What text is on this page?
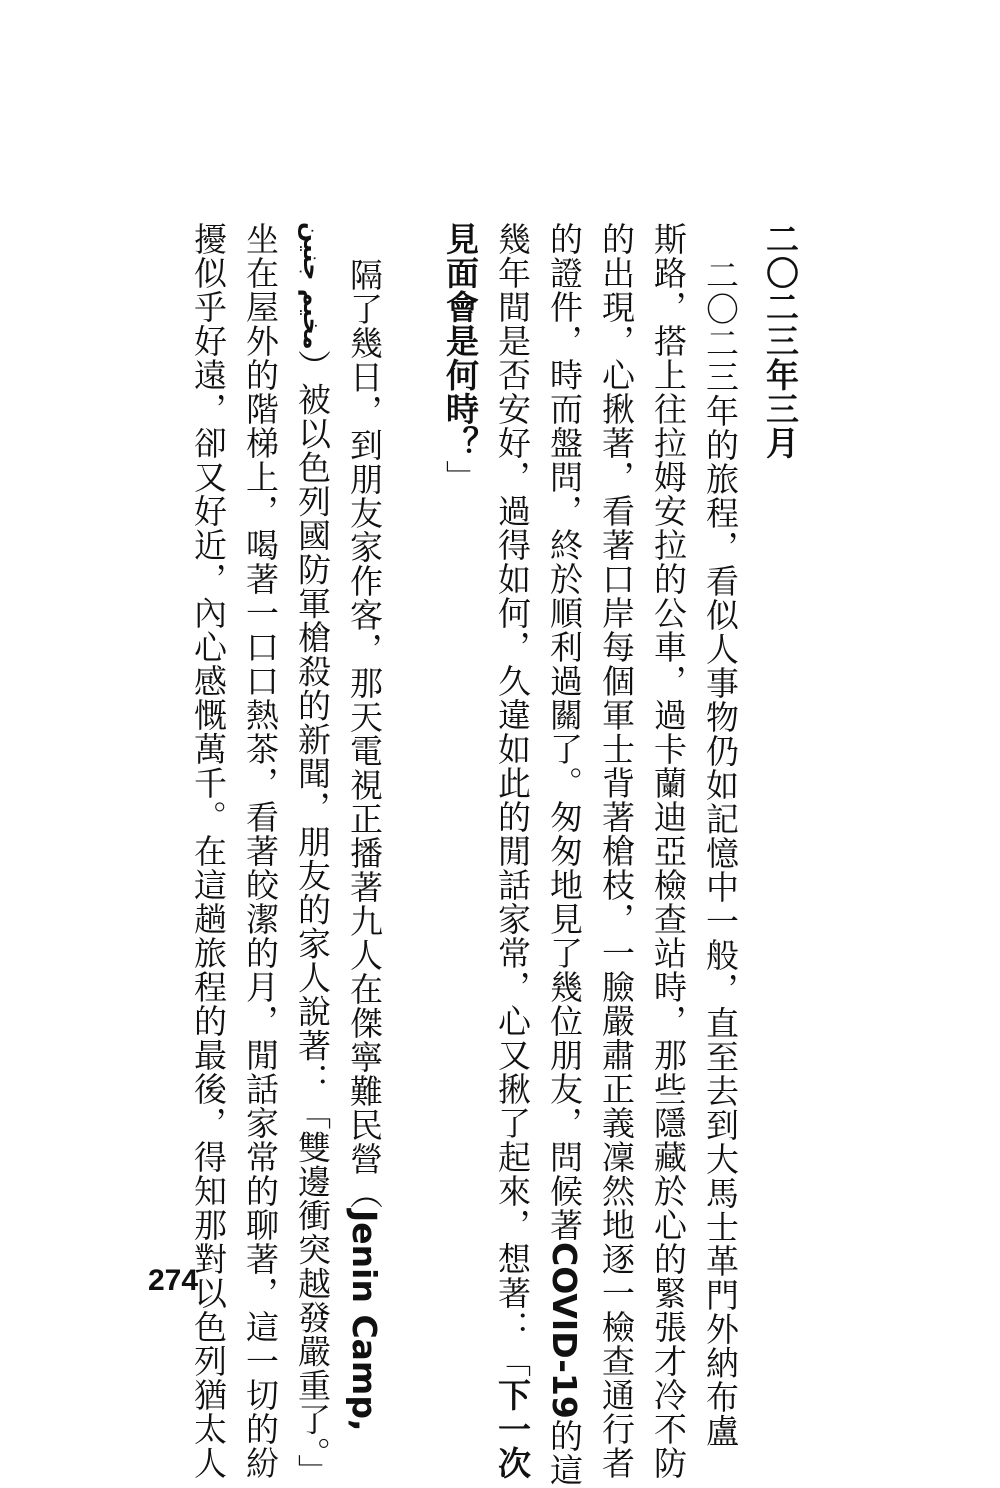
二〇二三年三月
二〇二三年的旅程，看似人事物仍如記憶中一般，直至去到大馬士革門外納布盧
斯路，搭上往拉姆安拉的公車，過卡蘭迪亞檢查站時，那些隱藏於心的緊張才冷不防
的出現，心揪著，看著口岸每個軍士背著槍枝，一臉嚴肅正義凜然地逐一檢查通行者
的證件，時而盤問，終於順利過關了。匆匆地見了幾位朋友，問候著COVID-19的這
幾年間是否安好，過得如何，久違如此的閒話家常，心又揪了起來，想著：「下一次
見面會是何時？」
隔了幾日，到朋友家作客，那天電視正播著九人在傑寧難民營（Jenin Camp,
مخيم جنين）被以色列國防軍槍殺的新聞，朋友的家人說著：「雙邊衝突越發嚴重了。」
坐在屋外的階梯上，喝著一口口熱茶，看著皎潔的月，閒話家常的聊著，這一切的紛
擾似乎好遠，卻又好近，內心感慨萬千。在這趟旅程的最後，得知那對以色列猶太人
274
